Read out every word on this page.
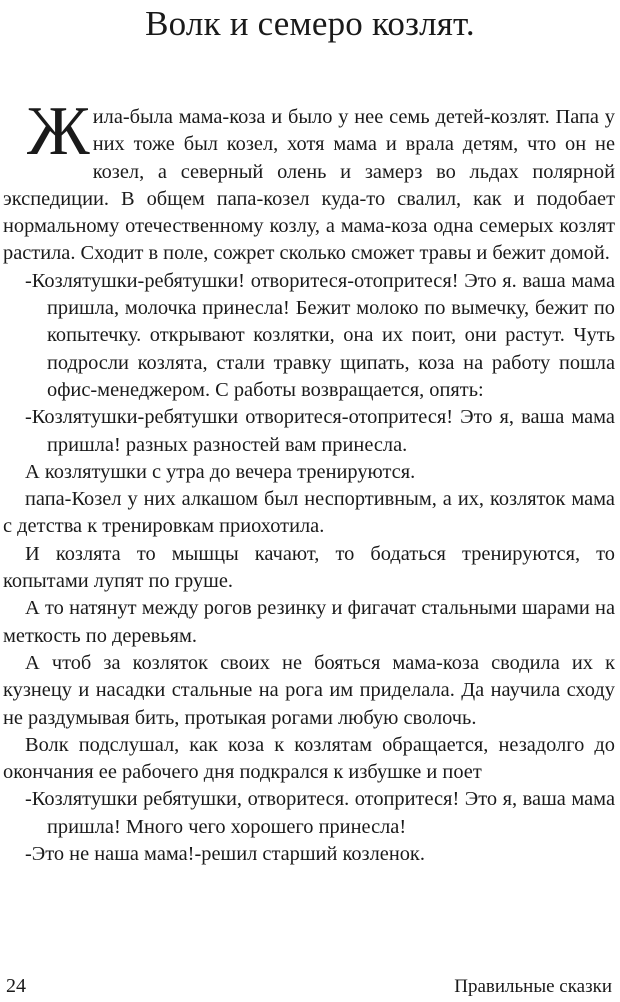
Волк и семеро козлят.

Жила-была мама-коза и было у нее семь детей-козлят. Папа у них тоже был козел, хотя мама и врала детям, что он не козел, а северный олень и замерз во льдах полярной экспедиции. В общем папа-козел куда-то свалил, как и подобает нормальному отечественному козлу, а мама-коза одна семерых козлят растила. Сходит в поле, сожрет сколько сможет травы и бежит домой.

-Козлятушки-ребятушки! отворитеся-отопритеся! Это я. ваша мама пришла, молочка принесла! Бежит молоко по вымечку, бежит по копытечку. открывают козлятки, она их поит, они растут. Чуть подросли козлята, стали травку щипать, коза на работу пошла офис-менеджером. С работы возвращается, опять:

-Козлятушки-ребятушки отворитеся-отопритеся! Это я, ваша мама пришла! разных разностей вам принесла.

А козлятушки с утра до вечера тренируются.

папа-Козел у них алкашом был неспортивным, а их, козляток мама с детства к тренировкам приохотила.

И козлята то мышцы качают, то бодаться тренируются, то копытами лупят по груше.

А то натянут между рогов резинку и фигачат стальными шарами на меткость по деревьям.

А чтоб за козляток своих не бояться мама-коза сводила их к кузнецу и насадки стальные на рога им приделала. Да научила сходу не раздумывая бить, протыкая рогами любую сволочь.

Волк подслушал, как коза к козлятам обращается, незадолго до окончания ее рабочего дня подкрался к избушке и поет

-Козлятушки ребятушки, отворитеся. отопритеся! Это я, ваша мама пришла! Много чего хорошего принесла!

-Это не наша мама!-решил старший козленок.

24	Правильные сказки
